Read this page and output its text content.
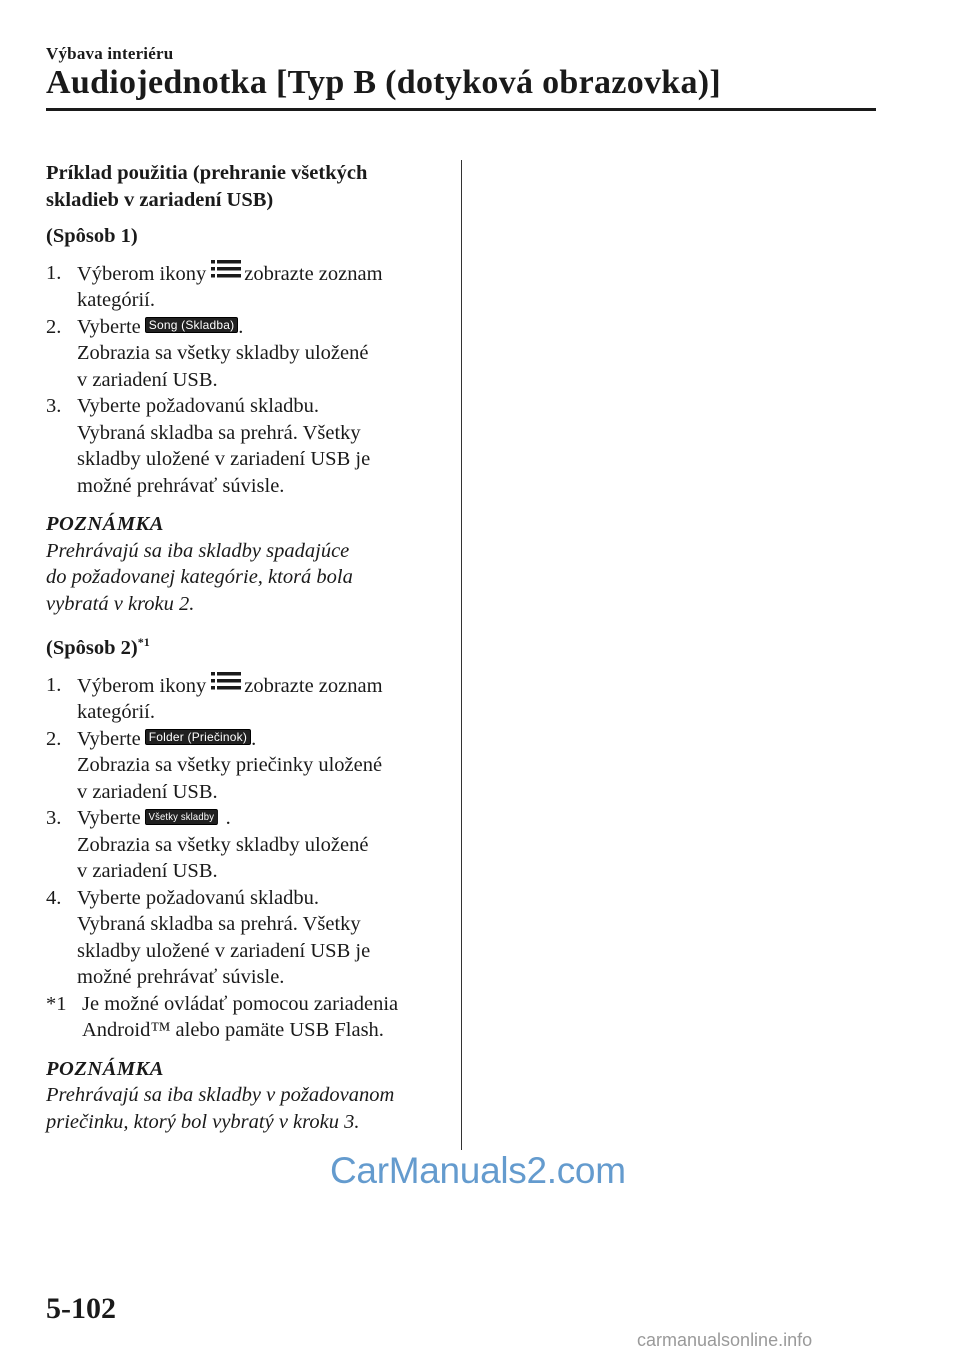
Výbava interiéru
Audiojednotka [Typ B (dotyková obrazovka)]

Príklad použitia (prehranie všetkých
skladieb v zariadení USB)

(Spôsob 1)

1. Výberom ikony zobrazte zoznam
kategórií.
2. Vyberte Song (Skladba) .
Zobrazia sa všetky skladby uložené
v zariadení USB.
3. Vyberte požadovanú skladbu.
Vybraná skladba sa prehrá. Všetky
skladby uložené v zariadení USB je
možné prehrávať súvisle.
POZNÁMKA
Prehrávajú sa iba skladby spadajúce
do požadovanej kategórie, ktorá bola
vybratá v kroku 2.

(Spôsob 2)$^{*1}$

1. Výberom ikony zobrazte zoznam
kategórií.
2. Vyberte Folder (Priečinok) .
Zobrazia sa všetky priečinky uložené
v zariadení USB.
3. Vyberte Všetky skladby .
Zobrazia sa všetky skladby uložené
v zariadení USB.
4. Vyberte požadovanú skladbu.
Vybraná skladba sa prehrá. Všetky
skladby uložené v zariadení USB je
možné prehrávať súvisle.
*1 Je možné ovládať pomocou zariadenia
Android™ alebo pamäte USB Flash.
POZNÁMKA
Prehrávajú sa iba skladby v požadovanom
priečinku, ktorý bol vybratý v kroku 3.
CarManuals2.com
5-102
carmanualsonline.info
